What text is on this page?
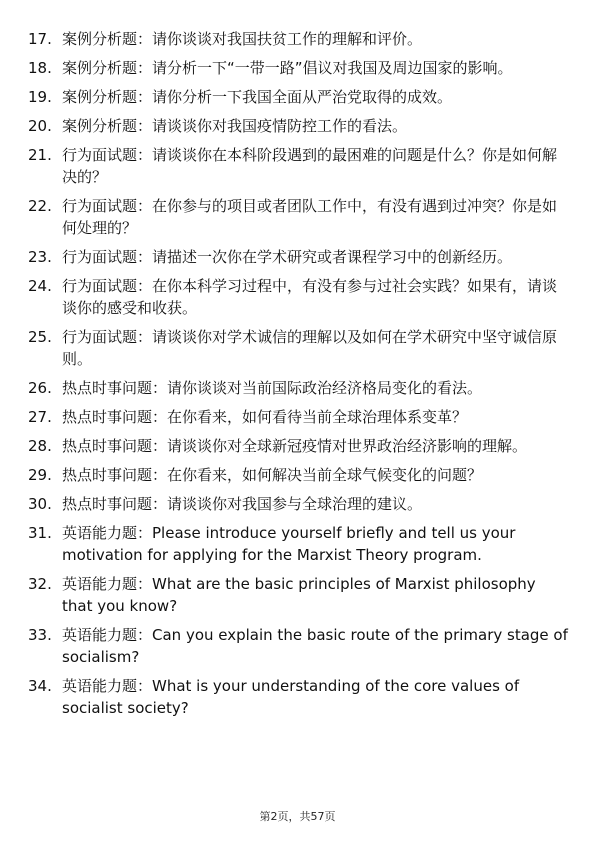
17. 案例分析题：请你谈谈对我国扶贫工作的理解和评价。
18. 案例分析题：请分析一下“一带一路”倡议对我国及周边国家的影响。
19. 案例分析题：请你分析一下我国全面从严治党取得的成效。
20. 案例分析题：请谈谈你对我国疫情防控工作的看法。
21. 行为面试题：请谈谈你在本科阶段遇到的最困难的问题是什么？你是如何解决的？
22. 行为面试题：在你参与的项目或者团队工作中，有没有遇到过冲突？你是如何处理的？
23. 行为面试题：请描述一次你在学术研究或者课程学习中的创新经历。
24. 行为面试题：在你本科学习过程中，有没有参与过社会实践？如果有，请谈谈你的感受和收获。
25. 行为面试题：请谈谈你对学术诚信的理解以及如何在学术研究中坚守诚信原则。
26. 热点时事问题：请你谈谈对当前国际政治经济格局变化的看法。
27. 热点时事问题：在你看来，如何看待当前全球治理体系变革？
28. 热点时事问题：请谈谈你对全球新冠疫情对世界政治经济影响的理解。
29. 热点时事问题：在你看来，如何解决当前全球气候变化的问题？
30. 热点时事问题：请谈谈你对我国参与全球治理的建议。
31. 英语能力题：Please introduce yourself briefly and tell us your motivation for applying for the Marxist Theory program.
32. 英语能力题：What are the basic principles of Marxist philosophy that you know?
33. 英语能力题：Can you explain the basic route of the primary stage of socialism?
34. 英语能力题：What is your understanding of the core values of socialist society?
第2页，共57页
